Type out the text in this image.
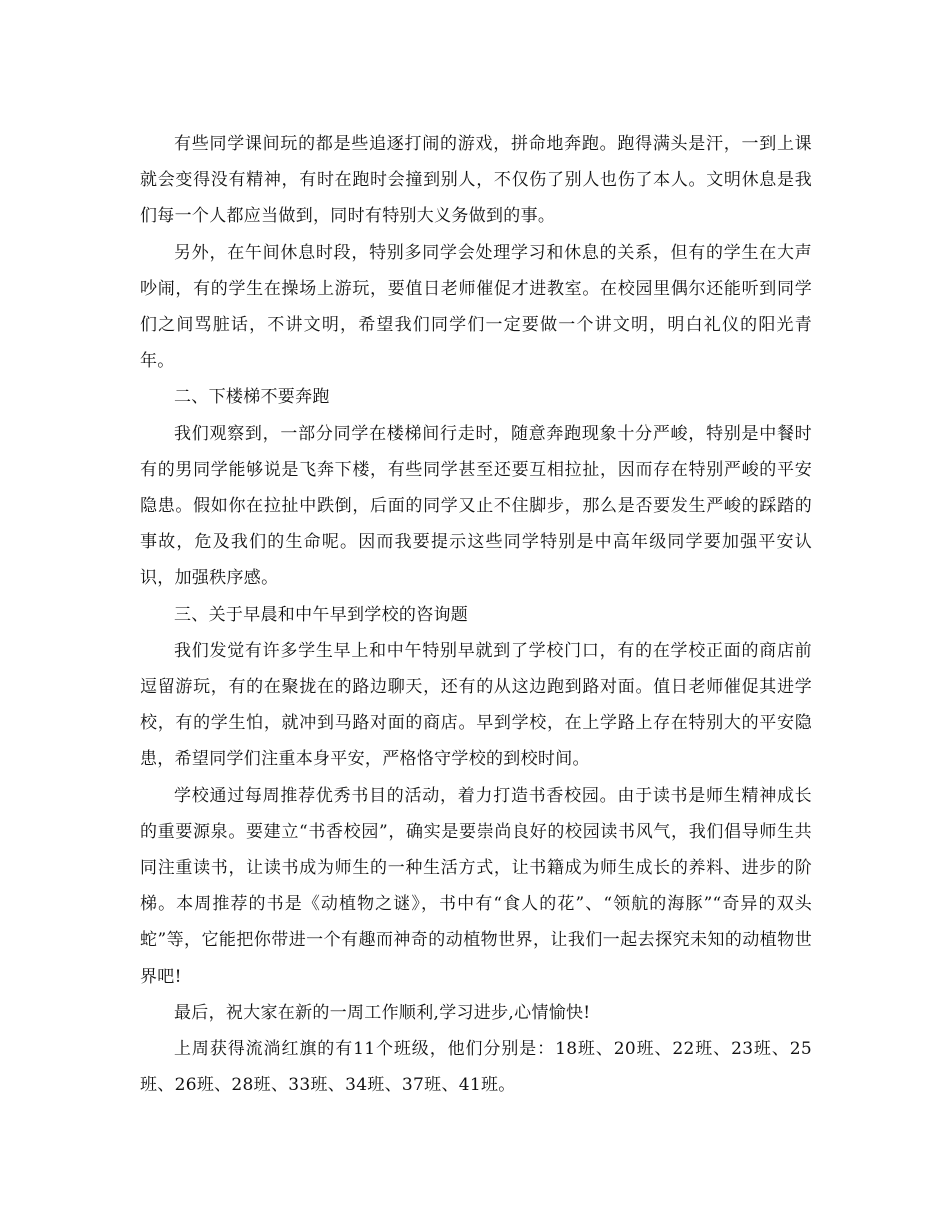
有些同学课间玩的都是些追逐打闹的游戏，拼命地奔跑。跑得满头是汗，一到上课就会变得没有精神，有时在跑时会撞到别人，不仅伤了别人也伤了本人。文明休息是我们每一个人都应当做到，同时有特别大义务做到的事。

另外，在午间休息时段，特别多同学会处理学习和休息的关系，但有的学生在大声吵闹，有的学生在操场上游玩，要值日老师催促才进教室。在校园里偶尔还能听到同学们之间骂脏话，不讲文明，希望我们同学们一定要做一个讲文明，明白礼仪的阳光青年。

二、下楼梯不要奔跑

我们观察到，一部分同学在楼梯间行走时，随意奔跑现象十分严峻，特别是中餐时有的男同学能够说是飞奔下楼，有些同学甚至还要互相拉扯，因而存在特别严峻的平安隐患。假如你在拉扯中跌倒，后面的同学又止不住脚步，那么是否要发生严峻的踩踏的事故，危及我们的生命呢。因而我要提示这些同学特别是中高年级同学要加强平安认识，加强秩序感。

三、关于早晨和中午早到学校的咨询题

我们发觉有许多学生早上和中午特别早就到了学校门口，有的在学校正面的商店前逗留游玩，有的在聚拢在的路边聊天，还有的从这边跑到路对面。值日老师催促其进学校，有的学生怕，就冲到马路对面的商店。早到学校，在上学路上存在特别大的平安隐患，希望同学们注重本身平安，严格恪守学校的到校时间。

学校通过每周推荐优秀书目的活动，着力打造书香校园。由于读书是师生精神成长的重要源泉。要建立“书香校园”，确实是要崇尚良好的校园读书风气，我们倡导师生共同注重读书，让读书成为师生的一种生活方式，让书籍成为师生成长的养料、进步的阶梯。本周推荐的书是《动植物之谜》，书中有“食人的花”、“领航的海豚”“奇异的双头蛇”等，它能把你带进一个有趣而神奇的动植物世界，让我们一起去探究未知的动植物世界吧!

最后，祝大家在新的一周工作顺利,学习进步,心情愉快!

上周获得流淌红旗的有11个班级，他们分别是：18班、20班、22班、23班、25班、26班、28班、33班、34班、37班、41班。
